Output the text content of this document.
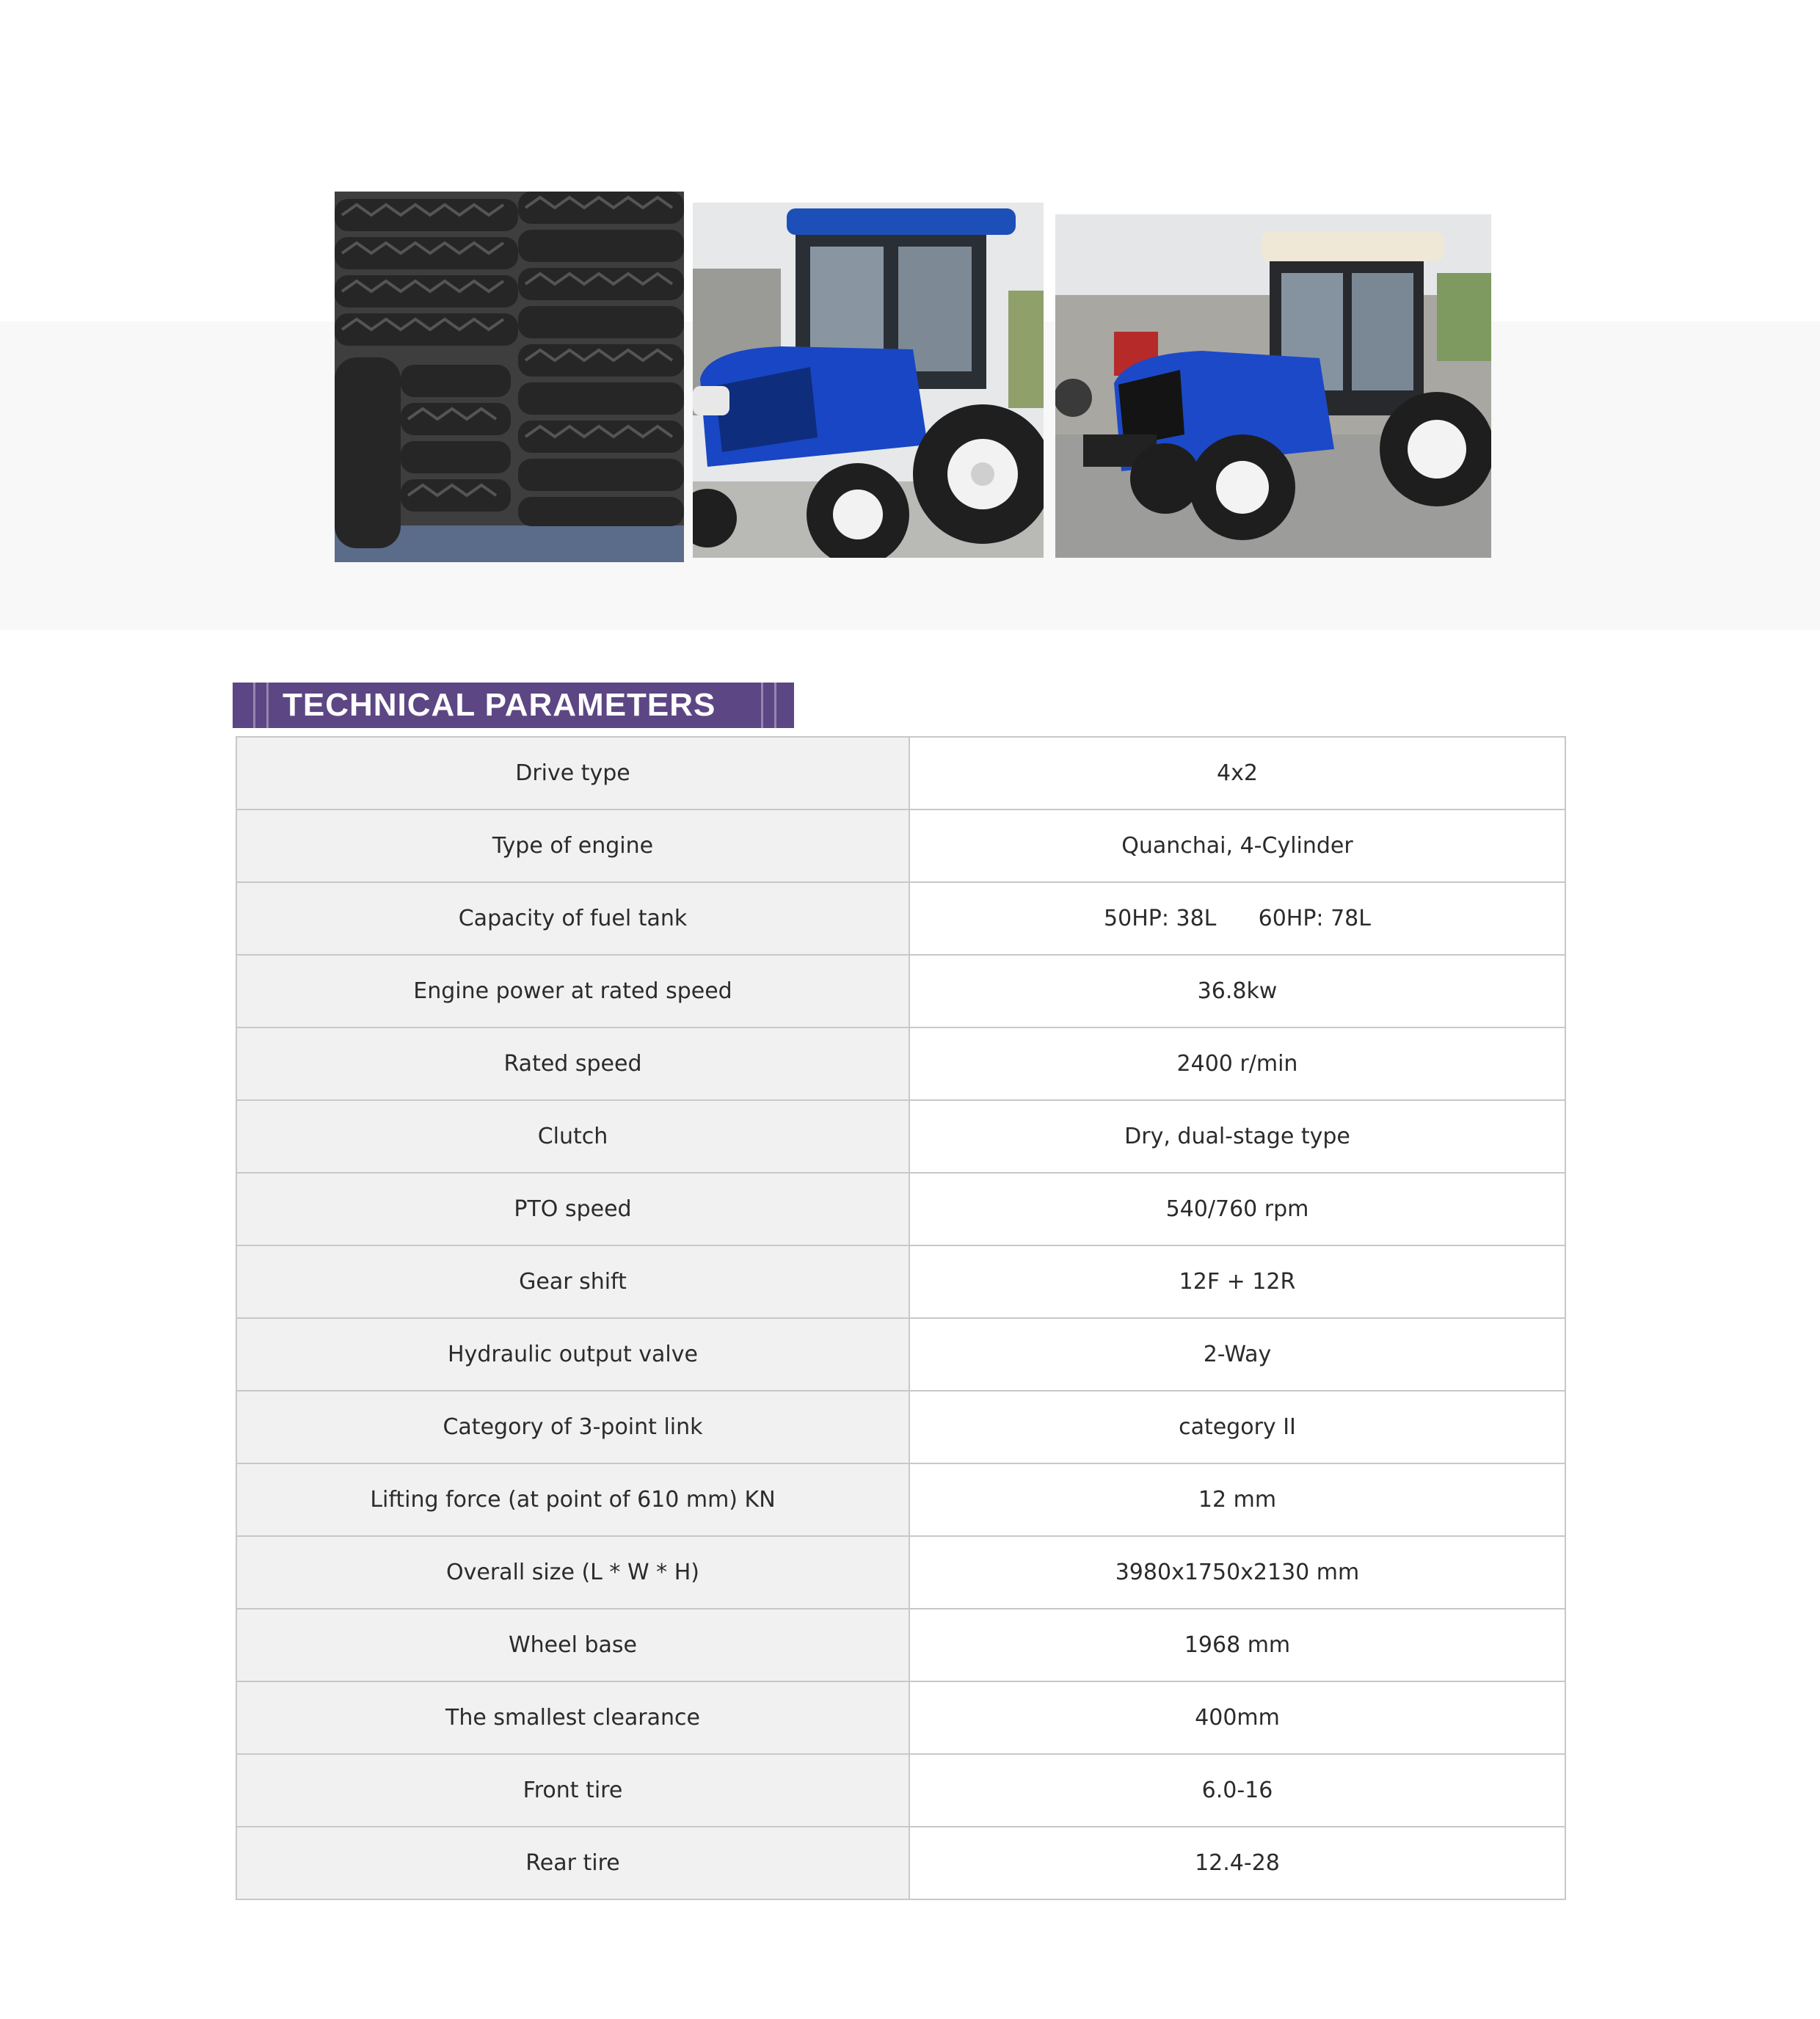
TECHNICAL PARAMETERS
Drive type	4x2
Type of engine	Quanchai, 4-Cylinder
Capacity of fuel tank	50HP: 38L      60HP: 78L
Engine power at rated speed	36.8kw
Rated speed	2400 r/min
Clutch	Dry, dual-stage type
PTO speed	540/760 rpm
Gear shift	12F + 12R
Hydraulic output valve	2-Way
Category of 3-point link	category II
Lifting force (at point of 610 mm) KN	12 mm
Overall size (L * W * H)	3980x1750x2130 mm
Wheel base	1968 mm
The smallest clearance	400mm
Front tire	6.0-16
Rear tire	12.4-28
